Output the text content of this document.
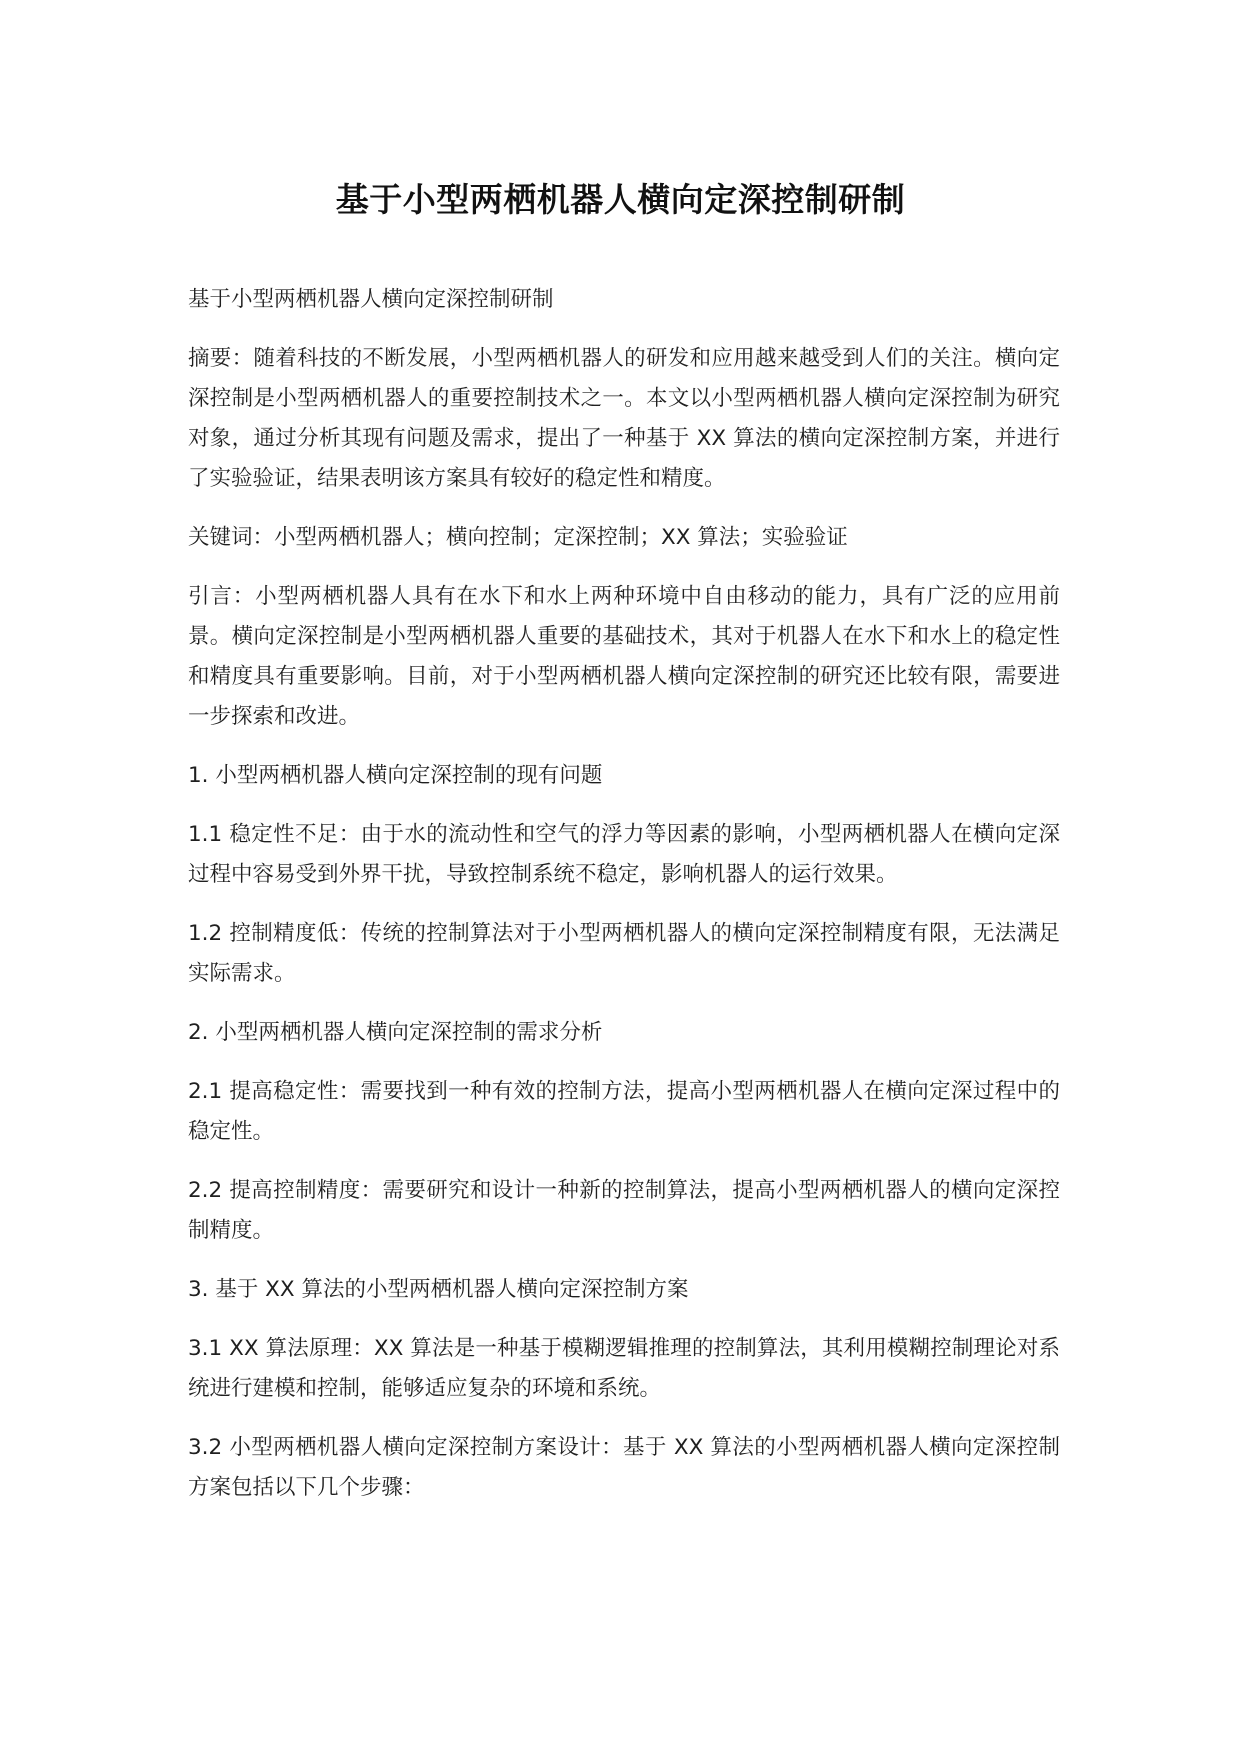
基于小型两栖机器人横向定深控制研制

基于小型两栖机器人横向定深控制研制

摘要：随着科技的不断发展，小型两栖机器人的研发和应用越来越受到人们的关注。横向定深控制是小型两栖机器人的重要控制技术之一。本文以小型两栖机器人横向定深控制为研究对象，通过分析其现有问题及需求，提出了一种基于 XX 算法的横向定深控制方案，并进行了实验验证，结果表明该方案具有较好的稳定性和精度。

关键词：小型两栖机器人；横向控制；定深控制；XX 算法；实验验证

引言：小型两栖机器人具有在水下和水上两种环境中自由移动的能力，具有广泛的应用前景。横向定深控制是小型两栖机器人重要的基础技术，其对于机器人在水下和水上的稳定性和精度具有重要影响。目前，对于小型两栖机器人横向定深控制的研究还比较有限，需要进一步探索和改进。

1. 小型两栖机器人横向定深控制的现有问题

1.1 稳定性不足：由于水的流动性和空气的浮力等因素的影响，小型两栖机器人在横向定深过程中容易受到外界干扰，导致控制系统不稳定，影响机器人的运行效果。

1.2 控制精度低：传统的控制算法对于小型两栖机器人的横向定深控制精度有限，无法满足实际需求。

2. 小型两栖机器人横向定深控制的需求分析

2.1 提高稳定性：需要找到一种有效的控制方法，提高小型两栖机器人在横向定深过程中的稳定性。

2.2 提高控制精度：需要研究和设计一种新的控制算法，提高小型两栖机器人的横向定深控制精度。

3. 基于 XX 算法的小型两栖机器人横向定深控制方案

3.1 XX 算法原理：XX 算法是一种基于模糊逻辑推理的控制算法，其利用模糊控制理论对系统进行建模和控制，能够适应复杂的环境和系统。

3.2 小型两栖机器人横向定深控制方案设计：基于 XX 算法的小型两栖机器人横向定深控制方案包括以下几个步骤：
